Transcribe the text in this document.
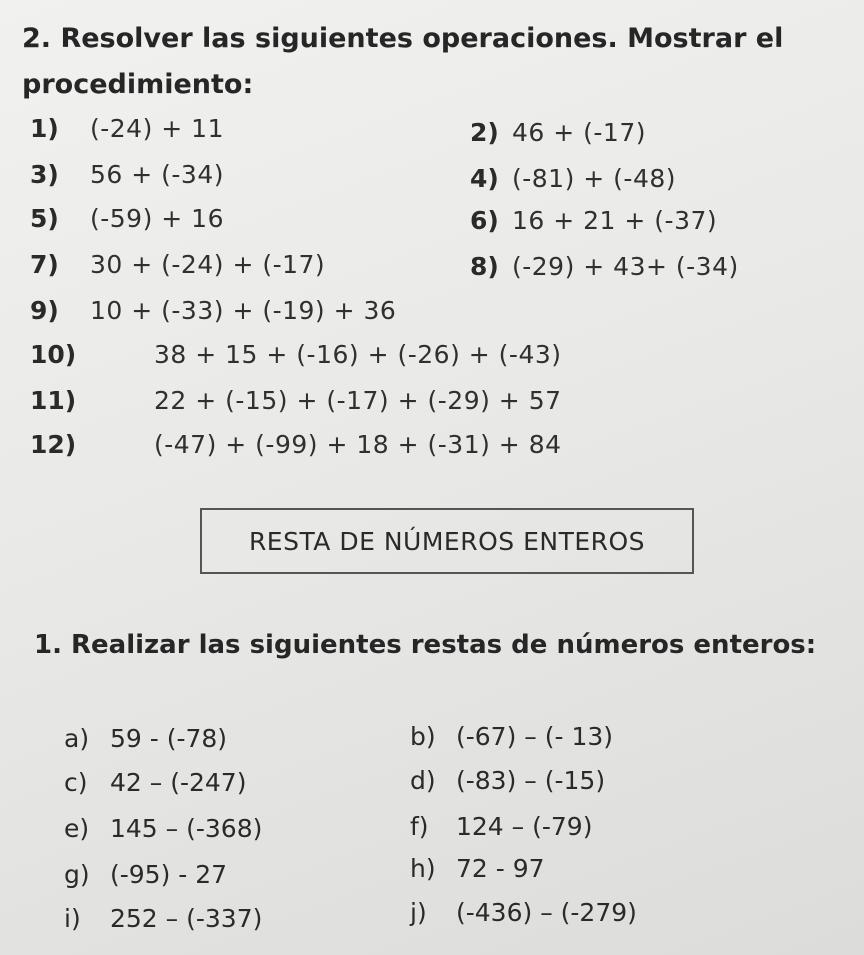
2. Resolver las siguientes operaciones. Mostrar el
procedimiento:
1) (-24) + 11	2) 46 + (-17)
3) 56 + (-34)	4) (-81) + (-48)
5) (-59) + 16	6) 16 + 21 + (-37)
7) 30 + (-24) + (-17)	8) (-29) + 43+ (-34)
9) 10 + (-33) + (-19) + 36
10)	38 + 15 + (-16) + (-26) + (-43)
11)	22 + (-15) + (-17) + (-29) + 57
12)	(-47) + (-99) + 18 + (-31) + 84
RESTA DE NÚMEROS ENTEROS
1. Realizar las siguientes restas de números enteros:
a) 59 - (-78)	b) (-67) – (- 13)
c) 42 – (-247)	d) (-83) – (-15)
e) 145 – (-368)	f) 124 – (-79)
g) (-95) - 27	h) 72 - 97
i) 252 – (-337)	j) (-436) – (-279)
